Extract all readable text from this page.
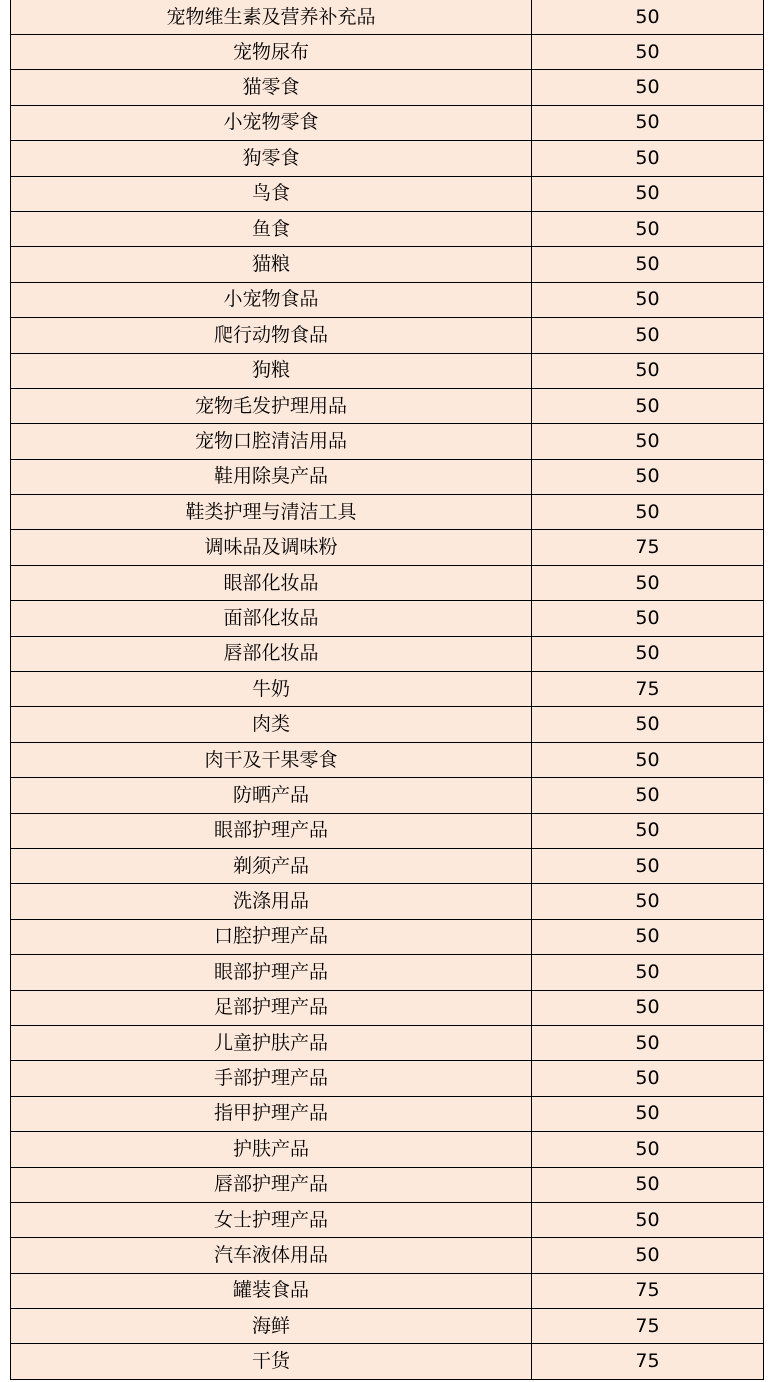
宠物维生素及营养补充品	50
宠物尿布	50
猫零食	50
小宠物零食	50
狗零食	50
鸟食	50
鱼食	50
猫粮	50
小宠物食品	50
爬行动物食品	50
狗粮	50
宠物毛发护理用品	50
宠物口腔清洁用品	50
鞋用除臭产品	50
鞋类护理与清洁工具	50
调味品及调味粉	75
眼部化妆品	50
面部化妆品	50
唇部化妆品	50
牛奶	75
肉类	50
肉干及干果零食	50
防晒产品	50
眼部护理产品	50
剃须产品	50
洗涤用品	50
口腔护理产品	50
眼部护理产品	50
足部护理产品	50
儿童护肤产品	50
手部护理产品	50
指甲护理产品	50
护肤产品	50
唇部护理产品	50
女士护理产品	50
汽车液体用品	50
罐装食品	75
海鲜	75
干货	75
